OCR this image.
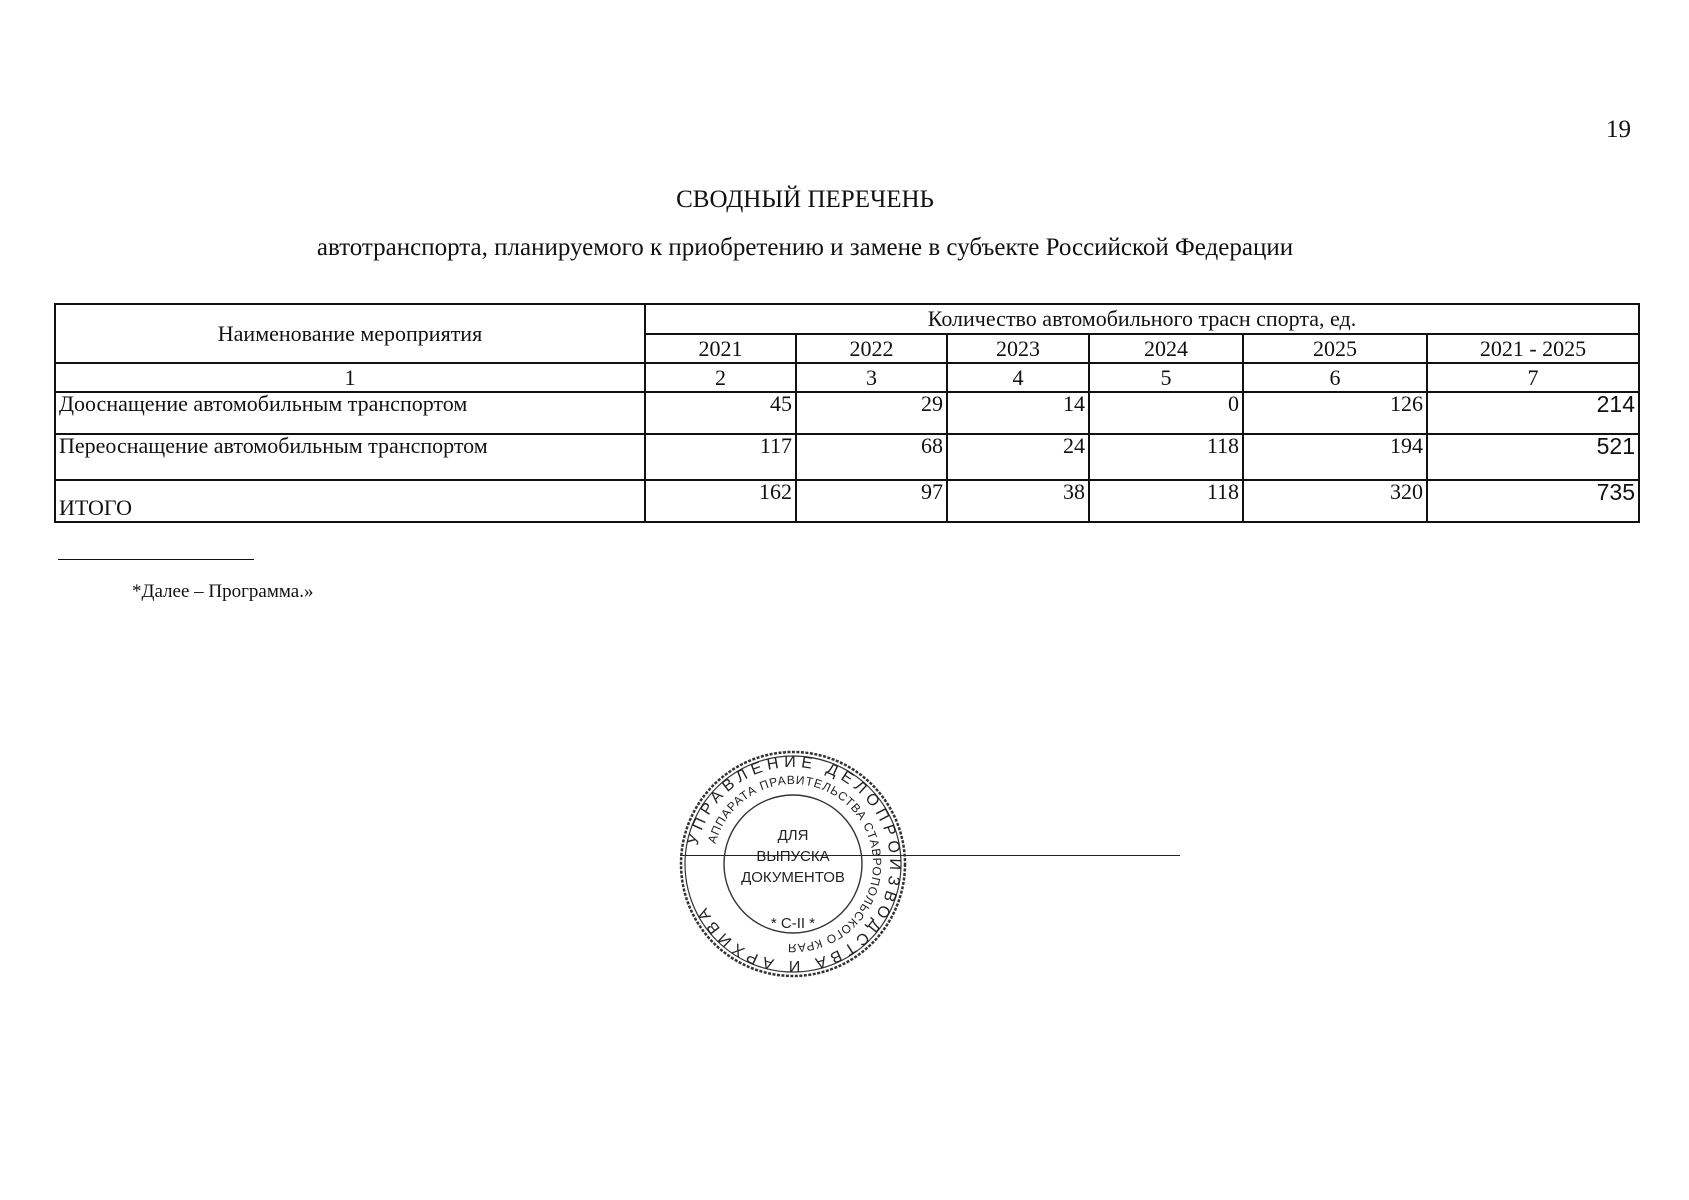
19
СВОДНЫЙ ПЕРЕЧЕНЬ
автотранспорта, планируемого к приобретению и замене в субъекте Российской Федерации
Наименование мероприятия	Количество автомобильного трасн спорта, ед.					
	2021	2022	2023	2024	2025	2021 - 2025
1	2	3	4	5	6	7
Дооснащение автомобильным транспортом	45	29	14	0	126	214
Переоснащение автомобильным транспортом	117	68	24	118	194	521
ИТОГО	162	97	38	118	320	735
*Далее – Программа.»
УПРАВЛЕНИЕ ДЕЛОПРОИЗВОДСТВА И АРХИВА
АППАРАТА ПРАВИТЕЛЬСТВА СТАВРОПОЛЬСКОГО КРАЯ
ДЛЯ
ВЫПУСКА
ДОКУМЕНТОВ
* С-II *
